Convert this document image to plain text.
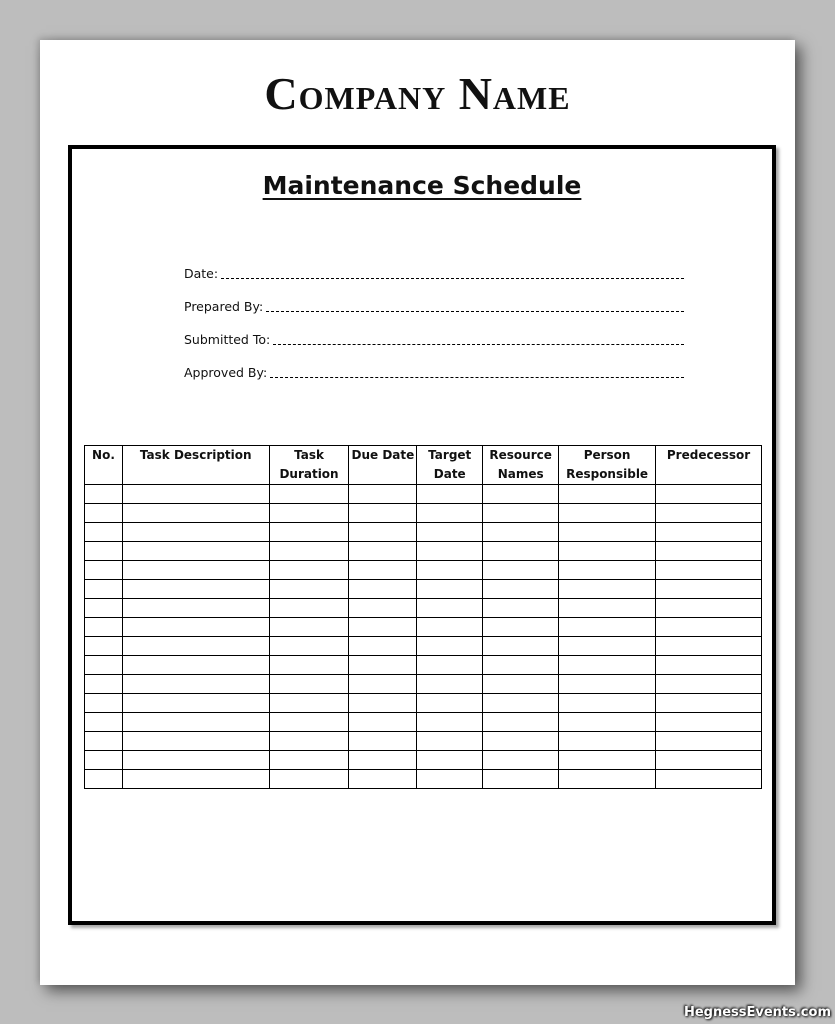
Company Name
Maintenance Schedule
Date:
Prepared By:
Submitted To:
Approved By:
No.	Task Description	Task Duration	Due Date	Target Date	Resource Names	Person Responsible	Predecessor

HegnessEvents.com
